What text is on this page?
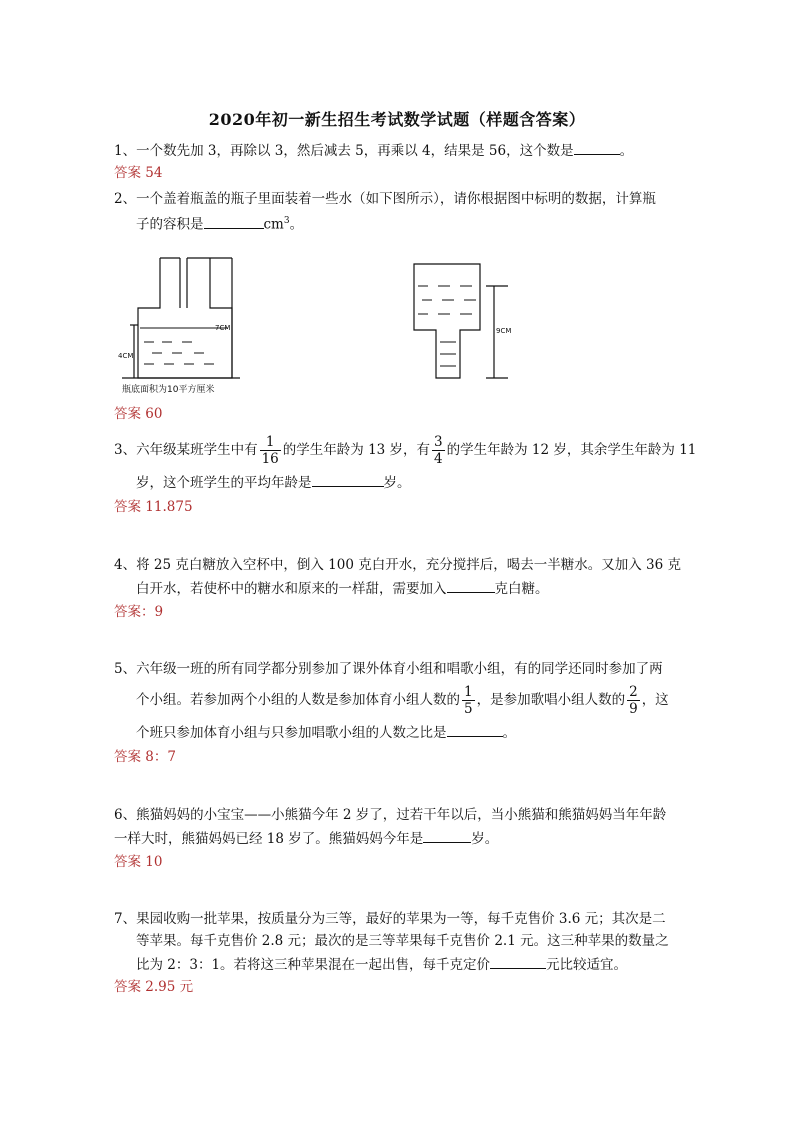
2020年初一新生招生考试数学试题（样题含答案）
1、一个数先加 3，再除以 3，然后减去 5，再乘以 4，结果是 56，这个数是	。
答案 54
2、一个盖着瓶盖的瓶子里面装着一些水（如下图所示），请你根据图中标明的数据，计算瓶
子的容积是	$cm^3$。
7CM
4CM
瓶底面积为10平方厘米
9CM
答案 60
3、六年级某班学生中有 $\frac{1}{16}$ 的学生年龄为 13 岁，有 $\frac{3}{4}$ 的学生年龄为 12 岁，其余学生年龄为 11
岁，这个班学生的平均年龄是	岁。
答案 11.875
4、将 25 克白糖放入空杯中，倒入 100 克白开水，充分搅拌后，喝去一半糖水。又加入 36 克
白开水，若使杯中的糖水和原来的一样甜，需要加入	克白糖。
答案：9
5、六年级一班的所有同学都分别参加了课外体育小组和唱歌小组，有的同学还同时参加了两
个小组。若参加两个小组的人数是参加体育小组人数的 $\frac{1}{5}$ ，是参加歌唱小组人数的 $\frac{2}{9}$ ，这
个班只参加体育小组与只参加唱歌小组的人数之比是	。
答案 8：7
6、熊猫妈妈的小宝宝——小熊猫今年 2 岁了，过若干年以后，当小熊猫和熊猫妈妈当年年龄
一样大时，熊猫妈妈已经 18 岁了。熊猫妈妈今年是	岁。
答案 10
7、果园收购一批苹果，按质量分为三等，最好的苹果为一等，每千克售价 3.6 元；其次是二
等苹果。每千克售价 2.8 元；最次的是三等苹果每千克售价 2.1 元。这三种苹果的数量之
比为 2：3：1。若将这三种苹果混在一起出售，每千克定价	元比较适宜。
答案 2.95 元
